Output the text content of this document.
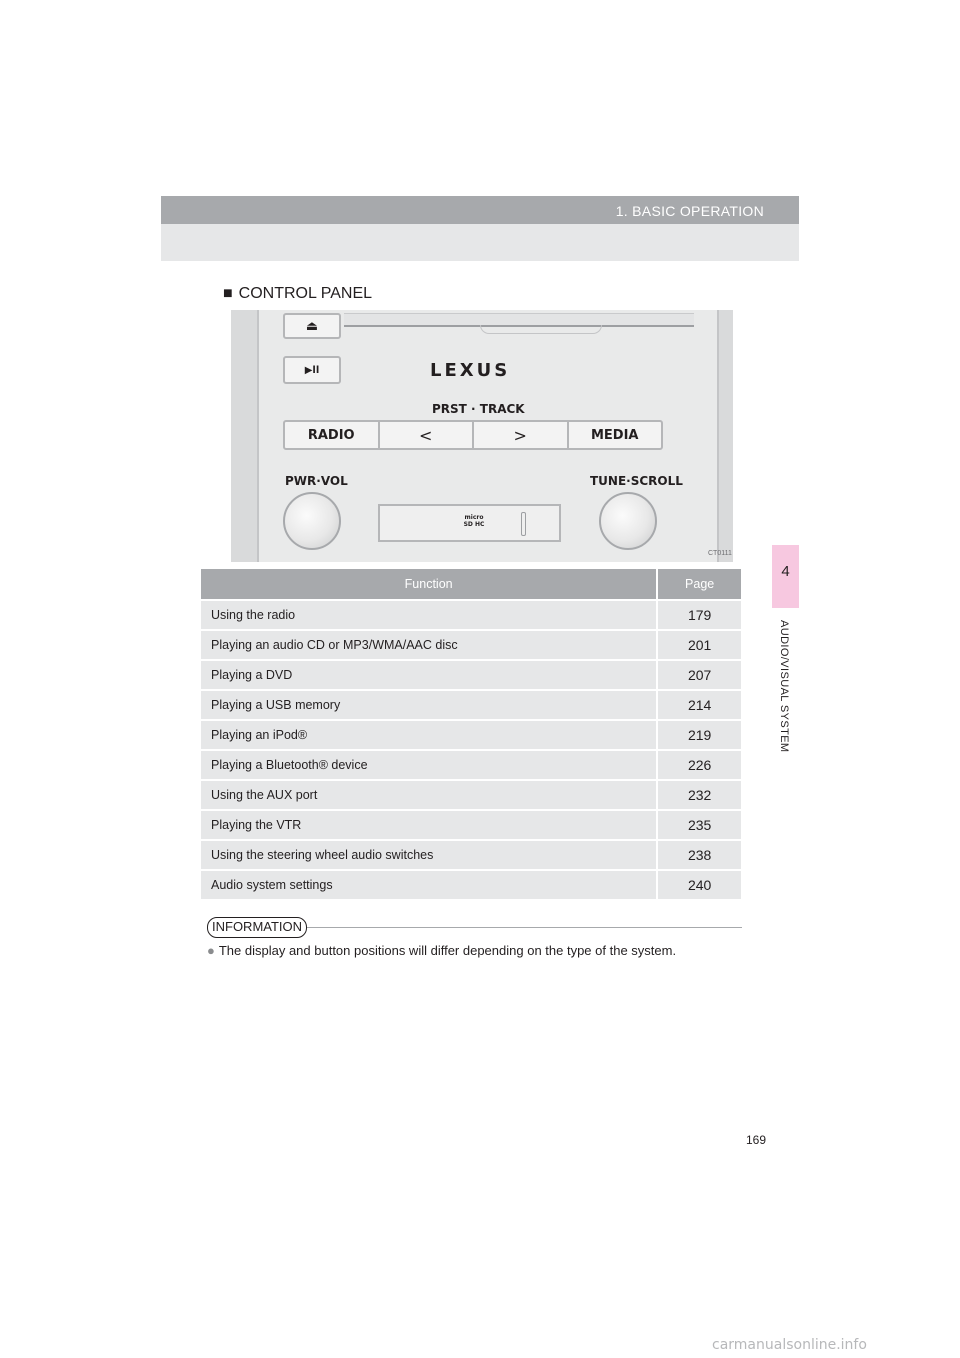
1. BASIC OPERATION
4
AUDIO/VISUAL SYSTEM
■ CONTROL PANEL
⏏
▶ll	LEXUS
PRST · TRACK
RADIO	<	>	MEDIA
PWR·VOL	TUNE·SCROLL
micro SD HC
CT0111
Function	Page
Using the radio	179
Playing an audio CD or MP3/WMA/AAC disc	201
Playing a DVD	207
Playing a USB memory	214
Playing an iPod®	219
Playing a Bluetooth® device	226
Using the AUX port	232
Playing the VTR	235
Using the steering wheel audio switches	238
Audio system settings	240
INFORMATION
● The display and button positions will differ depending on the type of the system.
169
carmanualsonline.info
